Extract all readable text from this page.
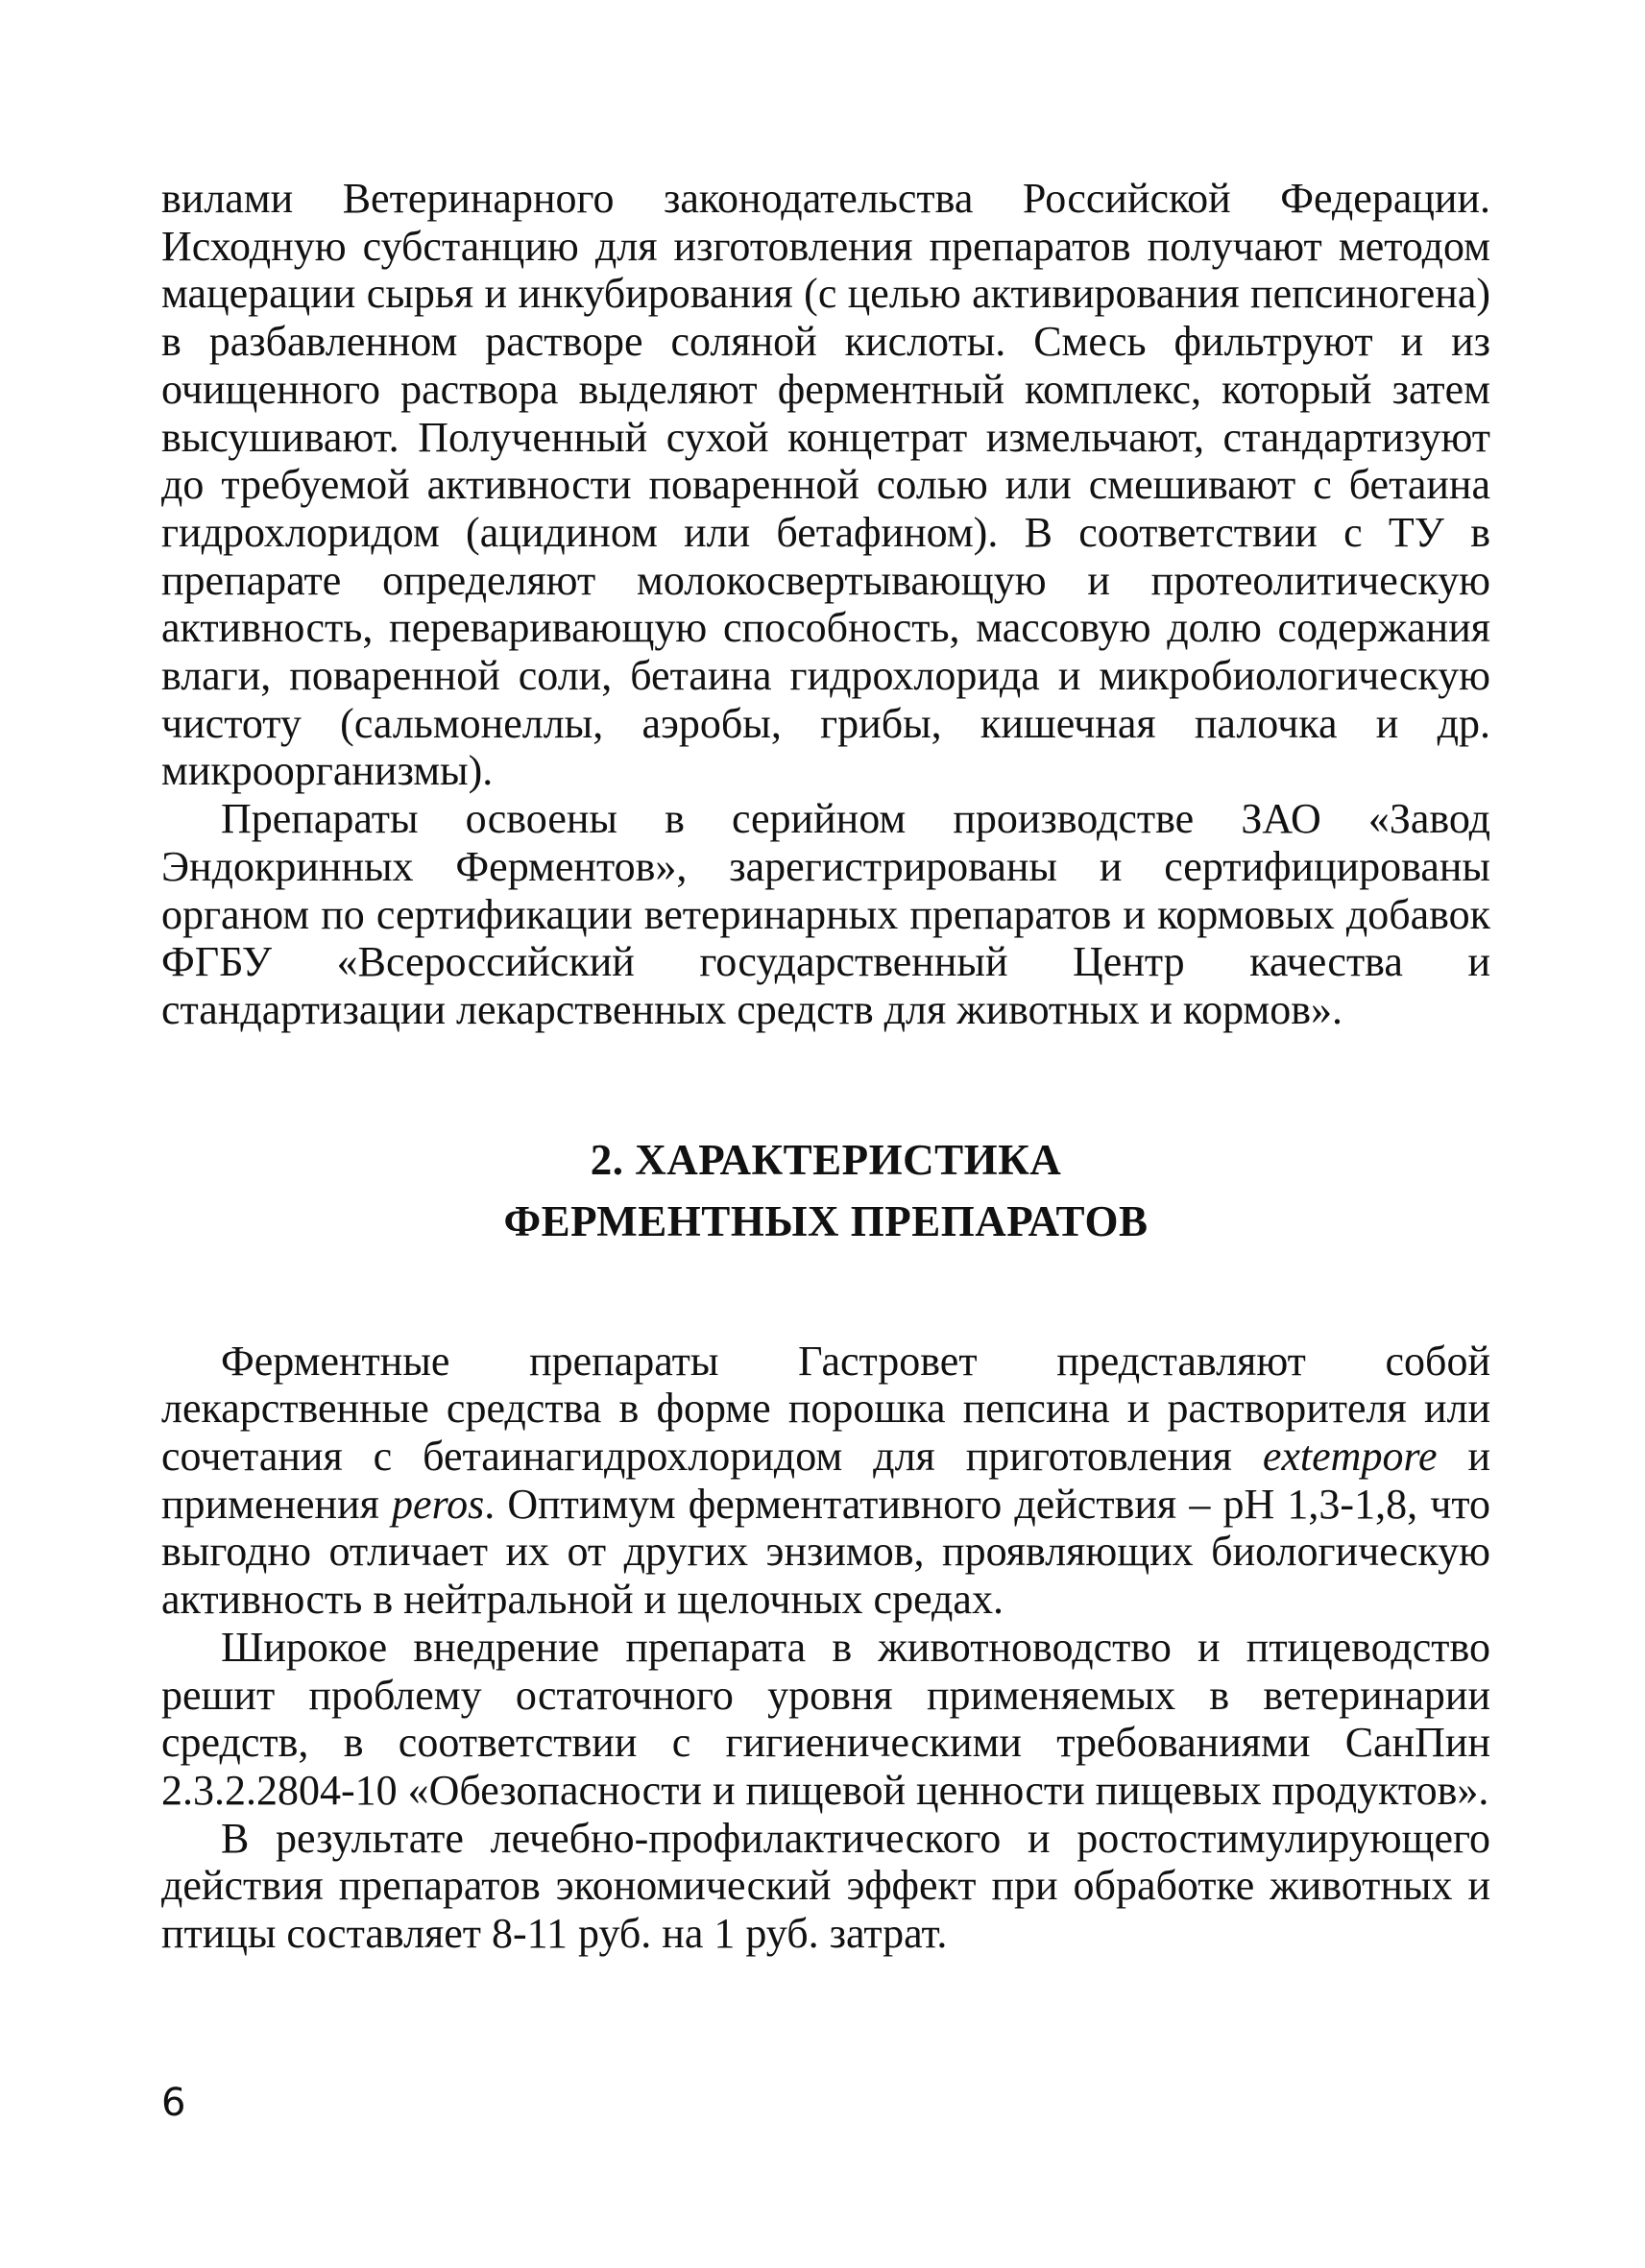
вилами Ветеринарного законодательства Российской Федерации. Исходную субстанцию для изготовления препаратов получают методом мацерации сырья и инкубирования (с целью активирования пепсиногена) в разбавленном растворе соляной кислоты. Смесь фильтруют и из очищенного раствора выделяют ферментный комплекс, который затем высушивают. Полученный сухой концетрат измельчают, стандартизуют до требуемой активности поваренной солью или смешивают с бетаина гидрохлоридом (ацидином или бетафином). В соответствии с ТУ в препарате определяют молокосвертывающую и протеолитическую активность, переваривающую способность, массовую долю содержания влаги, поваренной соли, бетаина гидрохлорида и микробиологическую чистоту (сальмонеллы, аэробы, грибы, кишечная палочка и др. микроорганизмы).

Препараты освоены в серийном производстве ЗАО «Завод Эндокринных Ферментов», зарегистрированы и сертифицированы органом по сертификации ветеринарных препаратов и кормовых добавок ФГБУ «Всероссийский государственный Центр качества и стандартизации лекарственных средств для животных и кормов».

2. ХАРАКТЕРИСТИКА

ФЕРМЕНТНЫХ ПРЕПАРАТОВ

Ферментные препараты Гастровет представляют собой лекарственные средства в форме порошка пепсина и растворителя или сочетания с бетаинагидрохлоридом для приготовления extempore и применения peros. Оптимум ферментативного действия – pH 1,3-1,8, что выгодно отличает их от других энзимов, проявляющих биологическую активность в нейтральной и щелочных средах.

Широкое внедрение препарата в животноводство и птицеводство решит проблему остаточного уровня применяемых в ветеринарии средств, в соответствии с гигиеническими требованиями СанПин 2.3.2.2804-10 «Обезопасности и пищевой ценности пищевых продуктов».

В результате лечебно-профилактического и ростостимулирующего действия препаратов экономический эффект при обработке животных и птицы составляет 8-11 руб. на 1 руб. затрат.

6
